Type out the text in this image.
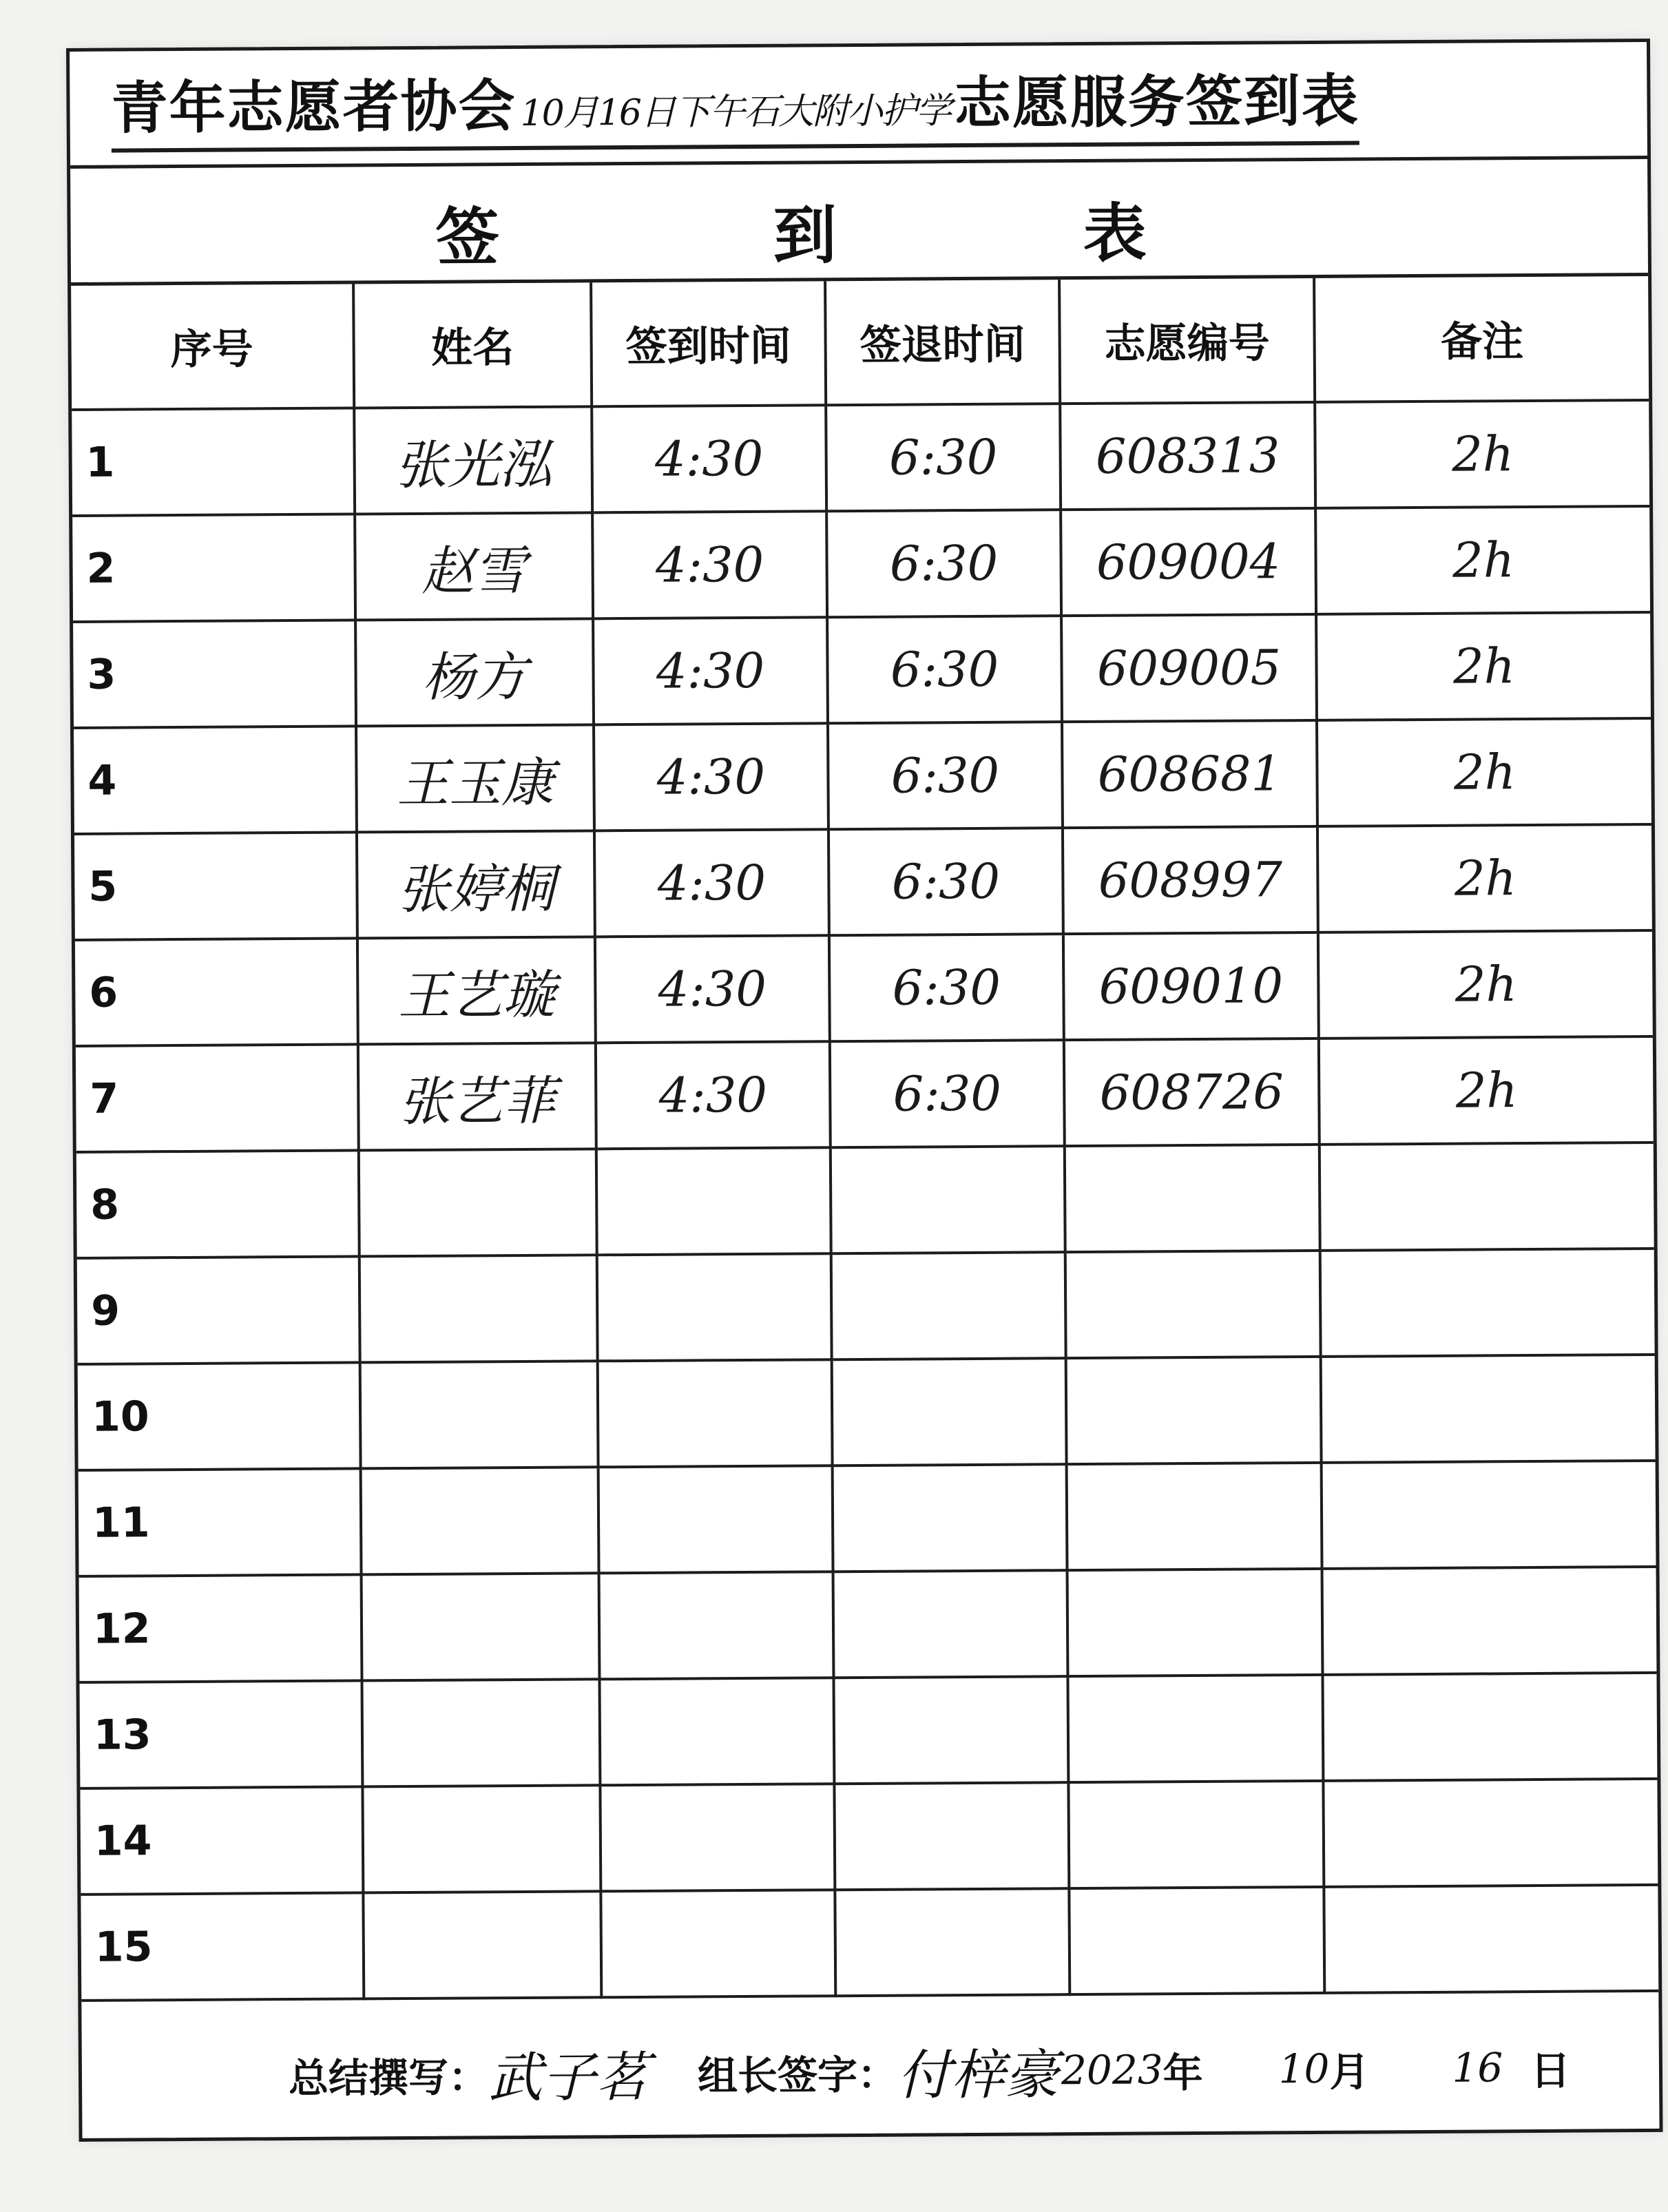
青年志愿者协会 10月16日下午石大附小护学 志愿服务签到表
签	到	表
序号	姓名	签到时间	签退时间	志愿编号	备注
1	张光泓	4:30	6:30	608313	2h
2	赵雪	4:30	6:30	609004	2h
3	杨方	4:30	6:30	609005	2h
4	王玉康	4:30	6:30	608681	2h
5	张婷桐	4:30	6:30	608997	2h
6	王艺璇	4:30	6:30	609010	2h
7	张艺菲	4:30	6:30	608726	2h
8					
9					
10					
11					
12					
13					
14					
15					
总结撰写： 武子茗 组长签字： 付梓豪 2023 年 10 月 16 日
